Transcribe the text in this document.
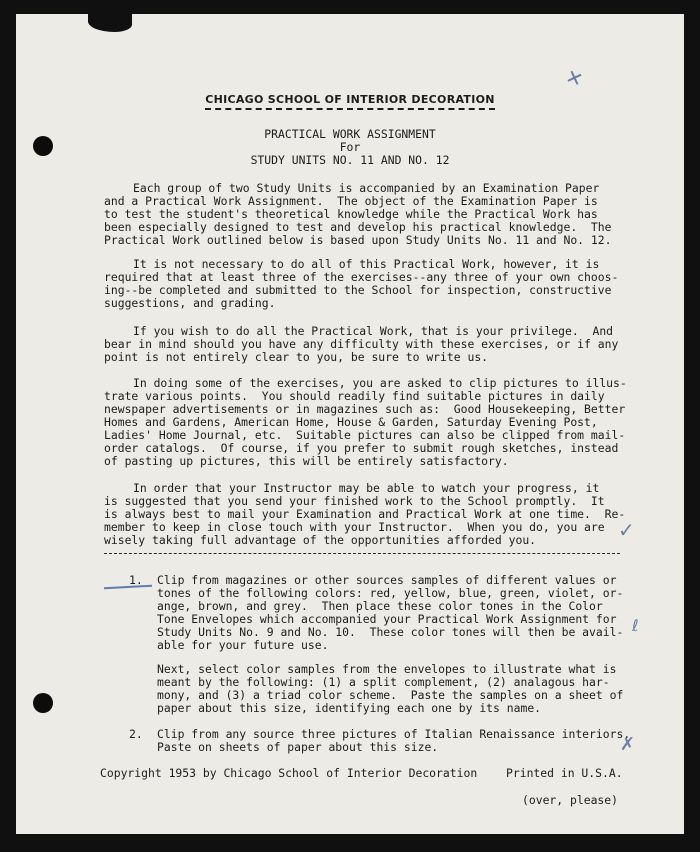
CHICAGO SCHOOL OF INTERIOR DECORATION
PRACTICAL WORK ASSIGNMENT
For
STUDY UNITS NO. 11 AND NO. 12
Each group of two Study Units is accompanied by an Examination Paper
and a Practical Work Assignment.  The object of the Examination Paper is
to test the student's theoretical knowledge while the Practical Work has
been especially designed to test and develop his practical knowledge.  The
Practical Work outlined below is based upon Study Units No. 11 and No. 12.
It is not necessary to do all of this Practical Work, however, it is
required that at least three of the exercises--any three of your own choos-
ing--be completed and submitted to the School for inspection, constructive
suggestions, and grading.
If you wish to do all the Practical Work, that is your privilege.  And
bear in mind should you have any difficulty with these exercises, or if any
point is not entirely clear to you, be sure to write us.
In doing some of the exercises, you are asked to clip pictures to illus-
trate various points.  You should readily find suitable pictures in daily
newspaper advertisements or in magazines such as:  Good Housekeeping, Better
Homes and Gardens, American Home, House & Garden, Saturday Evening Post,
Ladies' Home Journal, etc.  Suitable pictures can also be clipped from mail-
order catalogs.  Of course, if you prefer to submit rough sketches, instead
of pasting up pictures, this will be entirely satisfactory.
In order that your Instructor may be able to watch your progress, it
is suggested that you send your finished work to the School promptly.  It
is always best to mail your Examination and Practical Work at one time.  Re-
member to keep in close touch with your Instructor.  When you do, you are
wisely taking full advantage of the opportunities afforded you.
1. Clip from magazines or other sources samples of different values or
tones of the following colors: red, yellow, blue, green, violet, or-
ange, brown, and grey.  Then place these color tones in the Color
Tone Envelopes which accompanied your Practical Work Assignment for
Study Units No. 9 and No. 10.  These color tones will then be avail-
able for your future use.
Next, select color samples from the envelopes to illustrate what is
meant by the following: (1) a split complement, (2) analagous har-
mony, and (3) a triad color scheme.  Paste the samples on a sheet of
paper about this size, identifying each one by its name.
2. Clip from any source three pictures of Italian Renaissance interiors.
Paste on sheets of paper about this size.
Copyright 1953 by Chicago School of Interior Decoration	Printed in U.S.A.
(over, please)
✕
✓
ℓ
✗
